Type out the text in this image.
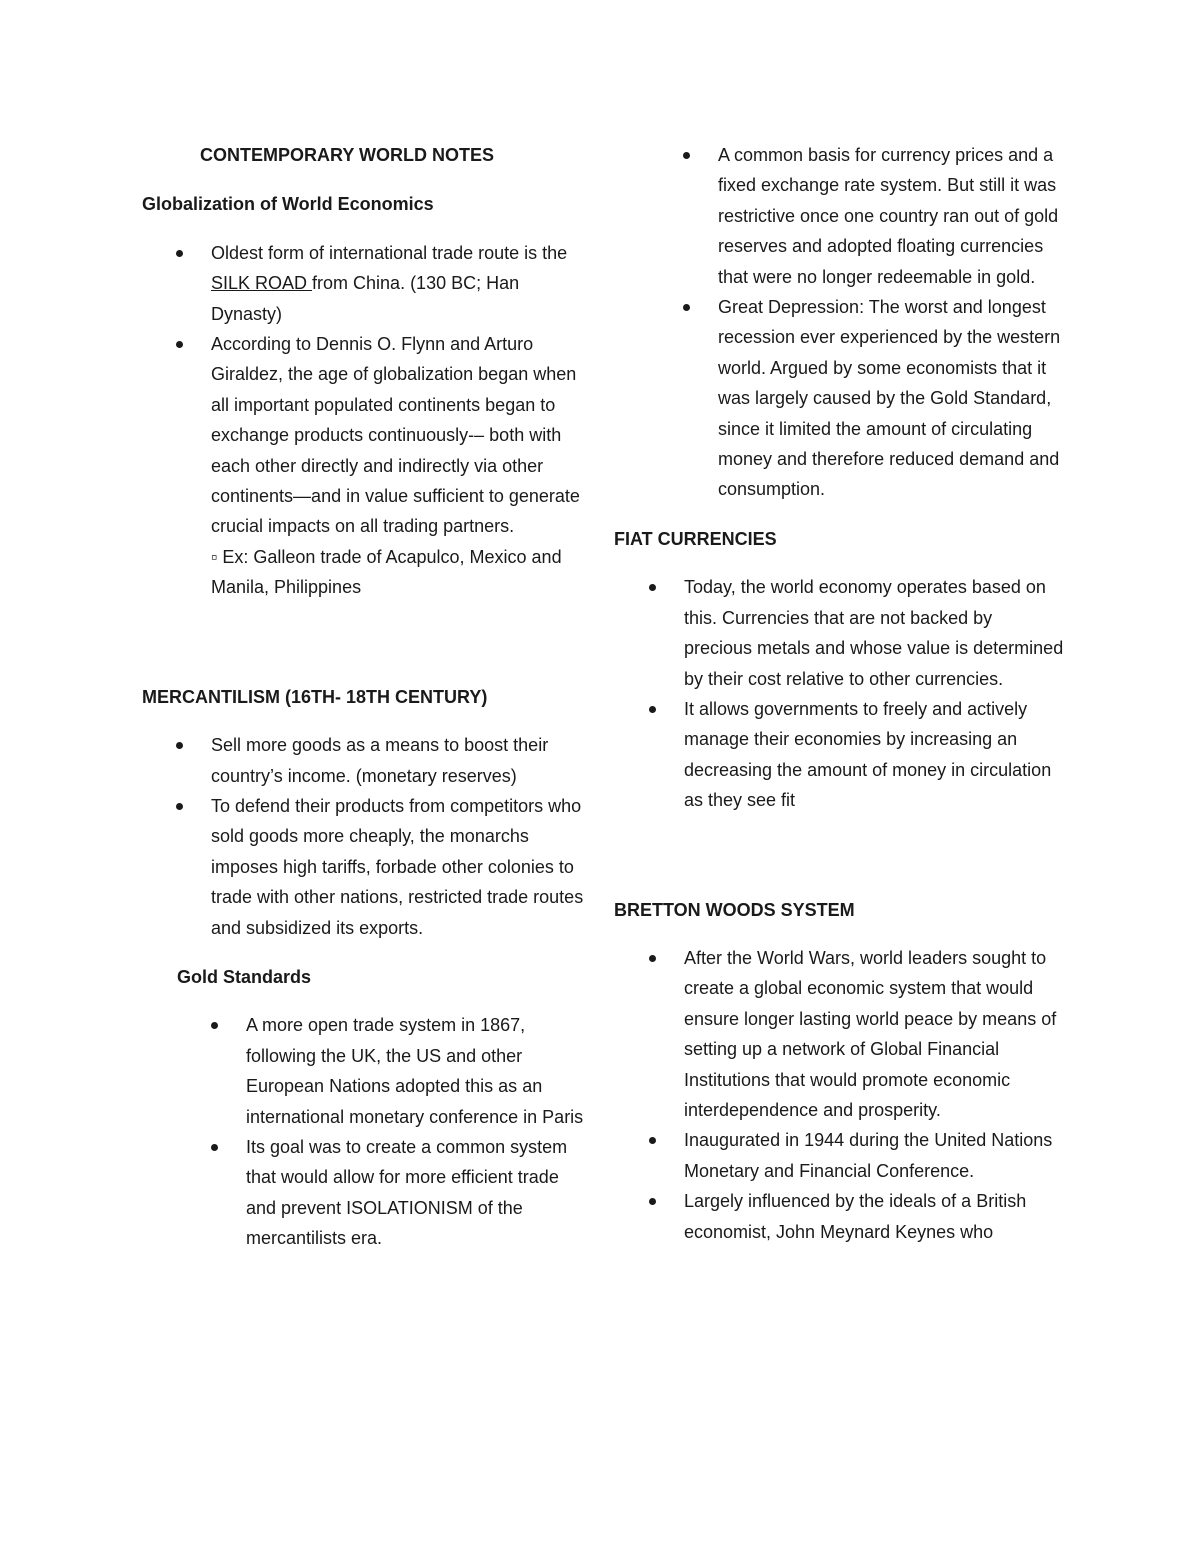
CONTEMPORARY WORLD NOTES

Globalization of World Economics

Oldest form of international trade route is the SILK ROAD from China. (130 BC; Han Dynasty)
According to Dennis O. Flynn and Arturo Giraldez, the age of globalization began when all important populated continents began to exchange products continuously-– both with each other directly and indirectly via other continents—and in value sufficient to generate crucial impacts on all trading partners.
▫ Ex: Galleon trade of Acapulco, Mexico and Manila, Philippines

MERCANTILISM (16TH- 18TH CENTURY)

Sell more goods as a means to boost their country’s income. (monetary reserves)
To defend their products from competitors who sold goods more cheaply, the monarchs imposes high tariffs, forbade other colonies to trade with other nations, restricted trade routes and subsidized its exports.

Gold Standards

A more open trade system in 1867, following the UK, the US and other European Nations adopted this as an international monetary conference in Paris
Its goal was to create a common system that would allow for more efficient trade and prevent ISOLATIONISM of the mercantilists era.
A common basis for currency prices and a fixed exchange rate system. But still it was restrictive once one country ran out of gold reserves and adopted floating currencies that were no longer redeemable in gold.
Great Depression: The worst and longest recession ever experienced by the western world. Argued by some economists that it was largely caused by the Gold Standard, since it limited the amount of circulating money and therefore reduced demand and consumption.

FIAT CURRENCIES

Today, the world economy operates based on this. Currencies that are not backed by precious metals and whose value is determined by their cost relative to other currencies.
It allows governments to freely and actively manage their economies by increasing an decreasing the amount of money in circulation as they see fit

BRETTON WOODS SYSTEM

After the World Wars, world leaders sought to create a global economic system that would ensure longer lasting world peace by means of setting up a network of Global Financial Institutions that would promote economic interdependence and prosperity.
Inaugurated in 1944 during the United Nations Monetary and Financial Conference.
Largely influenced by the ideals of a British economist, John Meynard Keynes who
